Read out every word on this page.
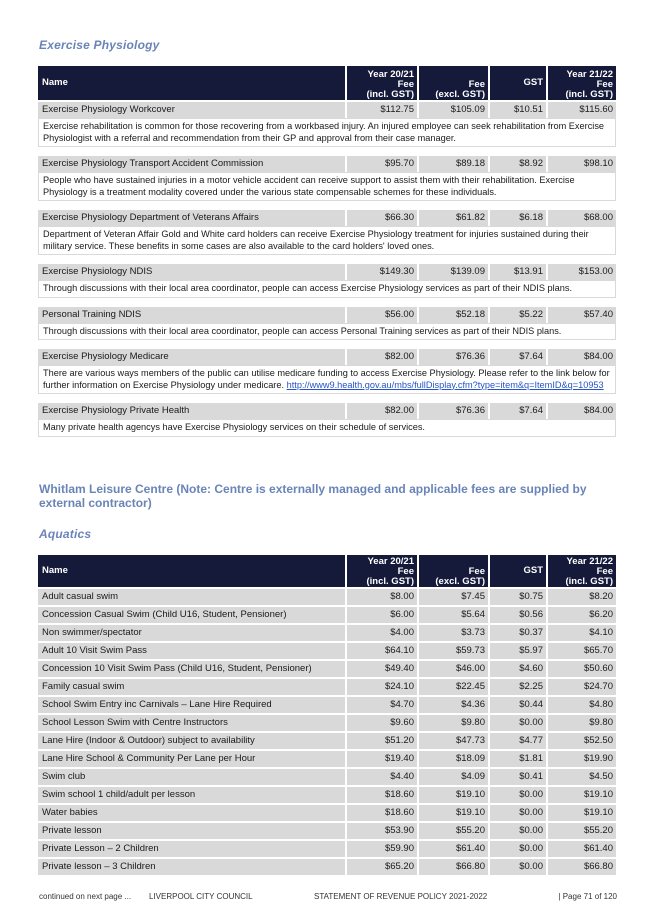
Exercise Physiology
Name	Year 20/21
Fee
(incl. GST)	Fee
(excl. GST)	GST	Year 21/22
Fee
(incl. GST)

Exercise Physiology Workcover	$112.75	$105.09	$10.51	$115.60
Exercise rehabilitation is common for those recovering from a workbased injury. An injured employee can seek rehabilitation from Exercise Physiologist with a referral and recommendation from their GP and approval from their case manager.				

Exercise Physiology Transport Accident Commission	$95.70	$89.18	$8.92	$98.10
People who have sustained injuries in a motor vehicle accident can receive support to assist them with their rehabilitation. Exercise Physiology is a treatment modality covered under the various state compensable schemes for these individuals.				

Exercise Physiology Department of Veterans Affairs	$66.30	$61.82	$6.18	$68.00
Department of Veteran Affair Gold and White card holders can receive Exercise Physiology treatment for injuries sustained during their military service. These benefits in some cases are also available to the card holders' loved ones.				

Exercise Physiology NDIS	$149.30	$139.09	$13.91	$153.00
Through discussions with their local area coordinator, people can access Exercise Physiology services as part of their NDIS plans.				

Personal Training NDIS	$56.00	$52.18	$5.22	$57.40
Through discussions with their local area coordinator, people can access Personal Training services as part of their NDIS plans.				

Exercise Physiology Medicare	$82.00	$76.36	$7.64	$84.00
There are various ways members of the public can utilise medicare funding to access Exercise Physiology. Please refer to the link below for further information on Exercise Physiology under medicare. http://www9.health.gov.au/mbs/fullDisplay.cfm?type=item&q=ItemID&q=10953				

Exercise Physiology Private Health	$82.00	$76.36	$7.64	$84.00
Many private health agencys have Exercise Physiology services on their schedule of services.				
Whitlam Leisure Centre (Note: Centre is externally managed and applicable fees are supplied by external contractor)
Aquatics
Name	Year 20/21
Fee
(incl. GST)	Fee
(excl. GST)	GST	Year 21/22
Fee
(incl. GST)

Adult casual swim	$8.00	$7.45	$0.75	$8.20

Concession Casual Swim (Child U16, Student, Pensioner)	$6.00	$5.64	$0.56	$6.20

Non swimmer/spectator	$4.00	$3.73	$0.37	$4.10

Adult 10 Visit Swim Pass	$64.10	$59.73	$5.97	$65.70

Concession 10 Visit Swim Pass (Child U16, Student, Pensioner)	$49.40	$46.00	$4.60	$50.60

Family casual swim	$24.10	$22.45	$2.25	$24.70

School Swim Entry inc Carnivals – Lane Hire Required	$4.70	$4.36	$0.44	$4.80

School Lesson Swim with Centre Instructors	$9.60	$9.80	$0.00	$9.80

Lane Hire (Indoor & Outdoor) subject to availability	$51.20	$47.73	$4.77	$52.50

Lane Hire School & Community Per Lane per Hour	$19.40	$18.09	$1.81	$19.90

Swim club	$4.40	$4.09	$0.41	$4.50

Swim school 1 child/adult per lesson	$18.60	$19.10	$0.00	$19.10

Water babies	$18.60	$19.10	$0.00	$19.10

Private lesson	$53.90	$55.20	$0.00	$55.20

Private Lesson – 2 Children	$59.90	$61.40	$0.00	$61.40

Private lesson – 3 Children	$65.20	$66.80	$0.00	$66.80
continued on next page ... LIVERPOOL CITY COUNCIL	STATEMENT OF REVENUE POLICY 2021-2022	| Page 71 of 120
